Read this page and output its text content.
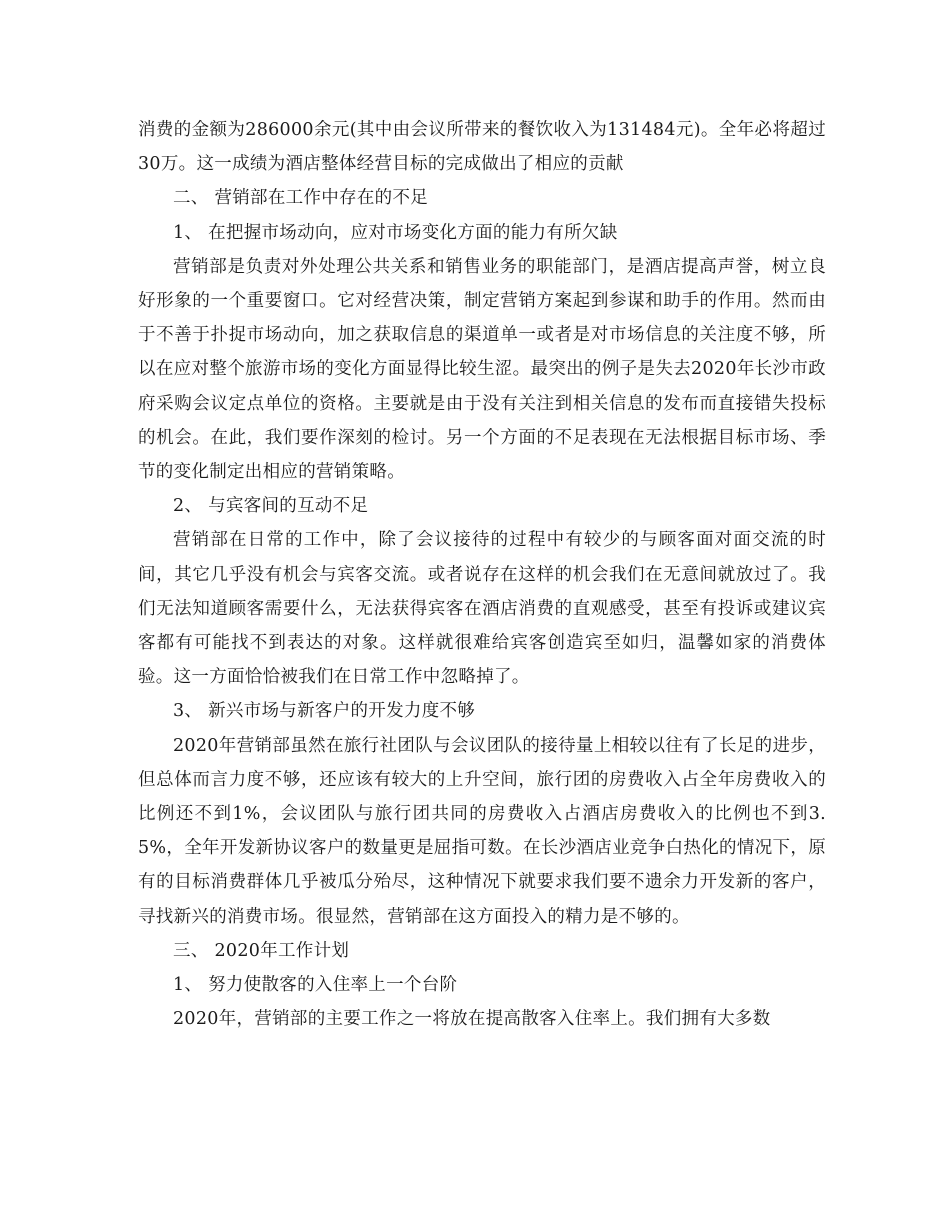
消费的金额为286000余元(其中由会议所带来的餐饮收入为131484元)。全年必将超过30万。这一成绩为酒店整体经营目标的完成做出了相应的贡献

二、 营销部在工作中存在的不足

1、 在把握市场动向，应对市场变化方面的能力有所欠缺

营销部是负责对外处理公共关系和销售业务的职能部门，是酒店提高声誉，树立良好形象的一个重要窗口。它对经营决策，制定营销方案起到参谋和助手的作用。然而由于不善于扑捉市场动向，加之获取信息的渠道单一或者是对市场信息的关注度不够，所以在应对整个旅游市场的变化方面显得比较生涩。最突出的例子是失去2020年长沙市政府采购会议定点单位的资格。主要就是由于没有关注到相关信息的发布而直接错失投标的机会。在此，我们要作深刻的检讨。另一个方面的不足表现在无法根据目标市场、季节的变化制定出相应的营销策略。

2、 与宾客间的互动不足

营销部在日常的工作中，除了会议接待的过程中有较少的与顾客面对面交流的时间，其它几乎没有机会与宾客交流。或者说存在这样的机会我们在无意间就放过了。我们无法知道顾客需要什么，无法获得宾客在酒店消费的直观感受，甚至有投诉或建议宾客都有可能找不到表达的对象。这样就很难给宾客创造宾至如归，温馨如家的消费体验。这一方面恰恰被我们在日常工作中忽略掉了。

3、 新兴市场与新客户的开发力度不够

2020年营销部虽然在旅行社团队与会议团队的接待量上相较以往有了长足的进步，但总体而言力度不够，还应该有较大的上升空间，旅行团的房费收入占全年房费收入的比例还不到1%，会议团队与旅行团共同的房费收入占酒店房费收入的比例也不到3.5%，全年开发新协议客户的数量更是屈指可数。在长沙酒店业竞争白热化的情况下，原有的目标消费群体几乎被瓜分殆尽，这种情况下就要求我们要不遗余力开发新的客户，寻找新兴的消费市场。很显然，营销部在这方面投入的精力是不够的。

三、 2020年工作计划

1、 努力使散客的入住率上一个台阶

2020年，营销部的主要工作之一将放在提高散客入住率上。我们拥有大多数
